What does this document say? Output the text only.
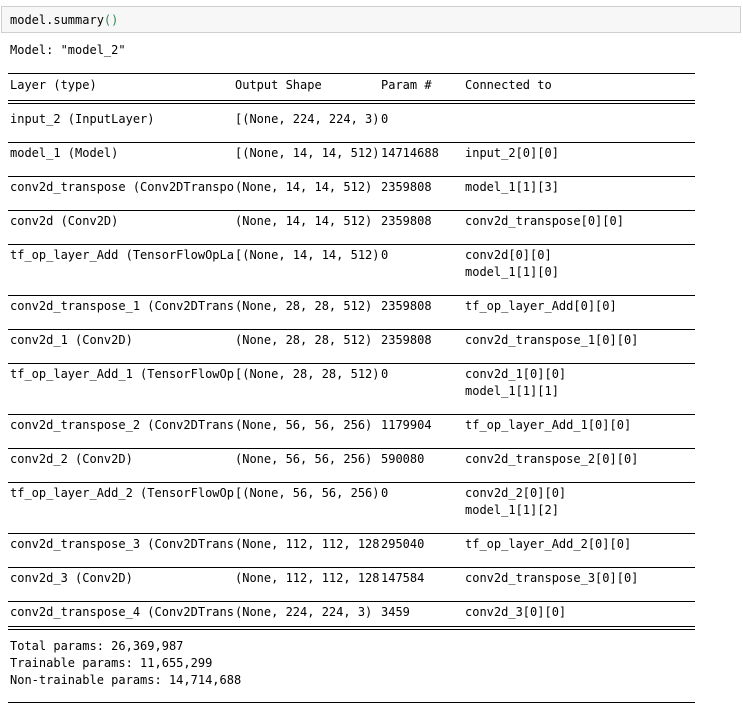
model.summary()
Model: "model_2"
Layer (type)	Output Shape	Param #	Connected to
input_2 (InputLayer)	[(None, 224, 224, 3) 0
model_1 (Model)	[(None, 14, 14, 512) 14714688 input_2[0][0]
conv2d_transpose (Conv2DTranspo (None, 14, 14, 512) 2359808	model_1[1][3]
conv2d (Conv2D)	(None, 14, 14, 512) 2359808	conv2d_transpose[0][0]
tf_op_layer_Add (TensorFlowOpLa [(None, 14, 14, 512) 0	conv2d[0][0]
model_1[1][0]
conv2d_transpose_1 (Conv2DTrans (None, 28, 28, 512) 2359808	tf_op_layer_Add[0][0]
conv2d_1 (Conv2D)	(None, 28, 28, 512) 2359808	conv2d_transpose_1[0][0]
tf_op_layer_Add_1 (TensorFlowOp [(None, 28, 28, 512) 0	conv2d_1[0][0]
model_1[1][1]
conv2d_transpose_2 (Conv2DTrans (None, 56, 56, 256) 1179904	tf_op_layer_Add_1[0][0]
conv2d_2 (Conv2D)	(None, 56, 56, 256) 590080	conv2d_transpose_2[0][0]
tf_op_layer_Add_2 (TensorFlowOp [(None, 56, 56, 256) 0	conv2d_2[0][0]
model_1[1][2]
conv2d_transpose_3 (Conv2DTrans (None, 112, 112, 128 295040	tf_op_layer_Add_2[0][0]
conv2d_3 (Conv2D)	(None, 112, 112, 128 147584	conv2d_transpose_3[0][0]
conv2d_transpose_4 (Conv2DTrans (None, 224, 224, 3) 3459	conv2d_3[0][0]
Total params: 26,369,987
Trainable params: 11,655,299
Non-trainable params: 14,714,688
